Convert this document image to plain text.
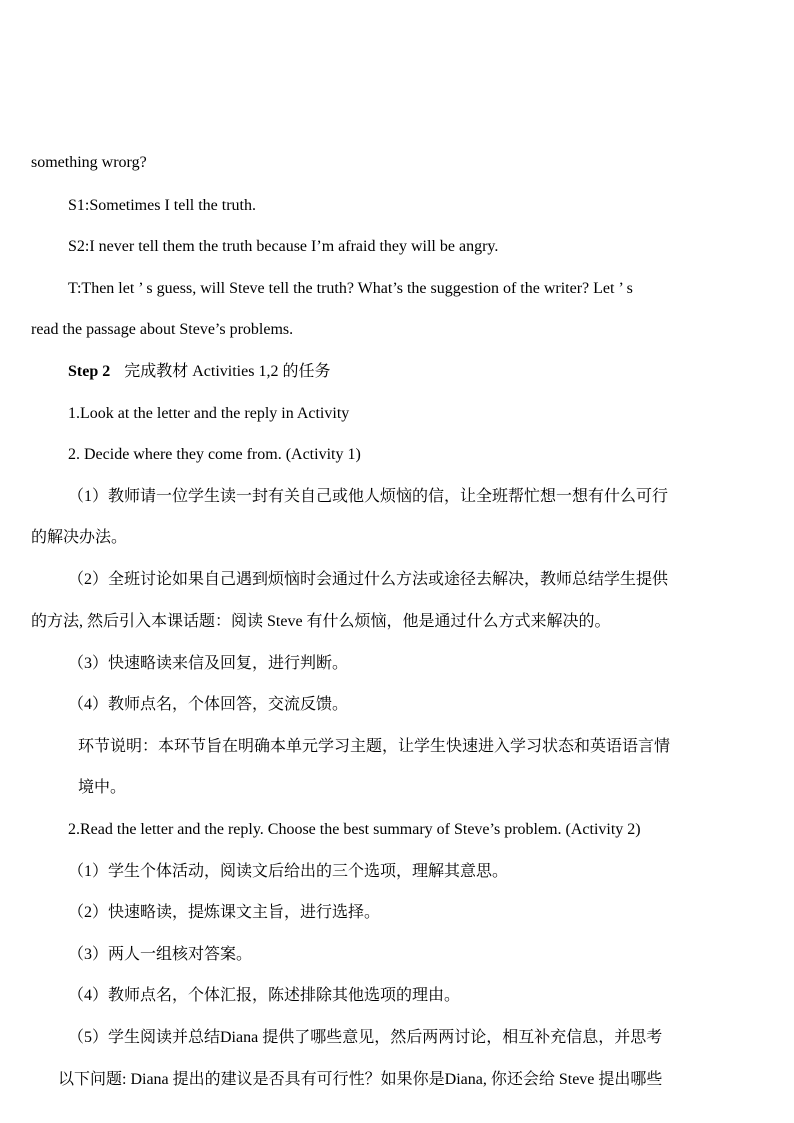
something wrorg?
S1:Sometimes I tell the truth.
S2:I never tell them the truth because I’m afraid they will be angry.
T:Then let ’ s guess, will Steve tell the truth? What’s the suggestion of the writer? Let ’ s
read the passage about Steve’s problems.
Step 2 完成教材 Activities 1,2 的任务
1.Look at the letter and the reply in Activity
2. Decide where they come from. (Activity 1)
（1）教师请一位学生读一封有关自己或他人烦恼的信，让全班帮忙想一想有什么可行
的解决办法。
（2）全班讨论如果自己遇到烦恼时会通过什么方法或途径去解决，教师总结学生提供
的方法, 然后引入本课话题：阅读 Steve 有什么烦恼，他是通过什么方式来解决的。
（3）快速略读来信及回复，进行判断。
（4）教师点名，个体回答，交流反馈。
环节说明：本环节旨在明确本单元学习主题，让学生快速进入学习状态和英语语言情
境中。
2.Read the letter and the reply. Choose the best summary of Steve’s problem. (Activity 2)
（1）学生个体活动，阅读文后给出的三个选项，理解其意思。
（2）快速略读，提炼课文主旨，进行选择。
（3）两人一组核对答案。
（4）教师点名，个体汇报，陈述排除其他选项的理由。
（5）学生阅读并总结Diana 提供了哪些意见，然后两两讨论，相互补充信息，并思考
以下问题: Diana 提出的建议是否具有可行性？如果你是Diana, 你还会给 Steve 提出哪些
